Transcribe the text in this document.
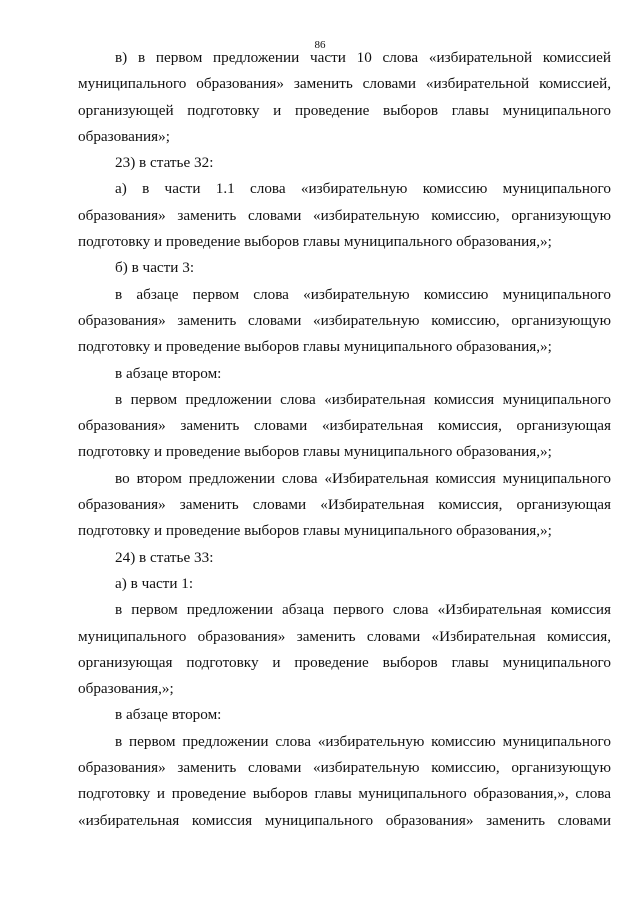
86

в) в первом предложении части 10 слова «избирательной комиссией муниципального образования» заменить словами «избирательной комиссией, организующей подготовку и проведение выборов главы муниципального образования»;

23) в статье 32:

а) в части 1.1 слова «избирательную комиссию муниципального образования» заменить словами «избирательную комиссию, организующую подготовку и проведение выборов главы муниципального образования,»;

б) в части 3:

в абзаце первом слова «избирательную комиссию муниципального образования» заменить словами «избирательную комиссию, организующую подготовку и проведение выборов главы муниципального образования,»;

в абзаце втором:

в первом предложении слова «избирательная комиссия муниципального образования» заменить словами «избирательная комиссия, организующая подготовку и проведение выборов главы муниципального образования,»;

во втором предложении слова «Избирательная комиссия муниципального образования» заменить словами «Избирательная комиссия, организующая подготовку и проведение выборов главы муниципального образования,»;

24) в статье 33:

а) в части 1:

в первом предложении абзаца первого слова «Избирательная комиссия муниципального образования» заменить словами «Избирательная комиссия, организующая подготовку и проведение выборов главы муниципального образования,»;

в абзаце втором:

в первом предложении слова «избирательную комиссию муниципального образования» заменить словами «избирательную комиссию, организующую подготовку и проведение выборов главы муниципального образования,», слова «избирательная комиссия муниципального образования» заменить словами
